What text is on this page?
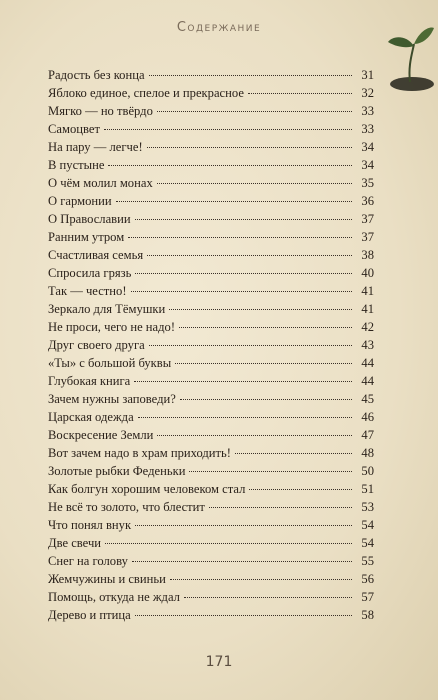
Содержание
Радость без конца	31
Яблоко единое, спелое и прекрасное	32
Мягко — но твёрдо	33
Самоцвет	33
На пару — легче!	34
В пустыне	34
О чём молил монах	35
О гармонии	36
О Православии	37
Ранним утром	37
Счастливая семья	38
Спросила грязь	40
Так — честно!	41
Зеркало для Тёмушки	41
Не проси, чего не надо!	42
Друг своего друга	43
«Ты» с большой буквы	44
Глубокая книга	44
Зачем нужны заповеди?	45
Царская одежда	46
Воскресение Земли	47
Вот зачем надо в храм приходить!	48
Золотые рыбки Феденьки	50
Как болгун хорошим человеком стал	51
Не всё то золото, что блестит	53
Что понял внук	54
Две свечи	54
Снег на голову	55
Жемчужины и свиньи	56
Помощь, откуда не ждал	57
Дерево и птица	58
171
